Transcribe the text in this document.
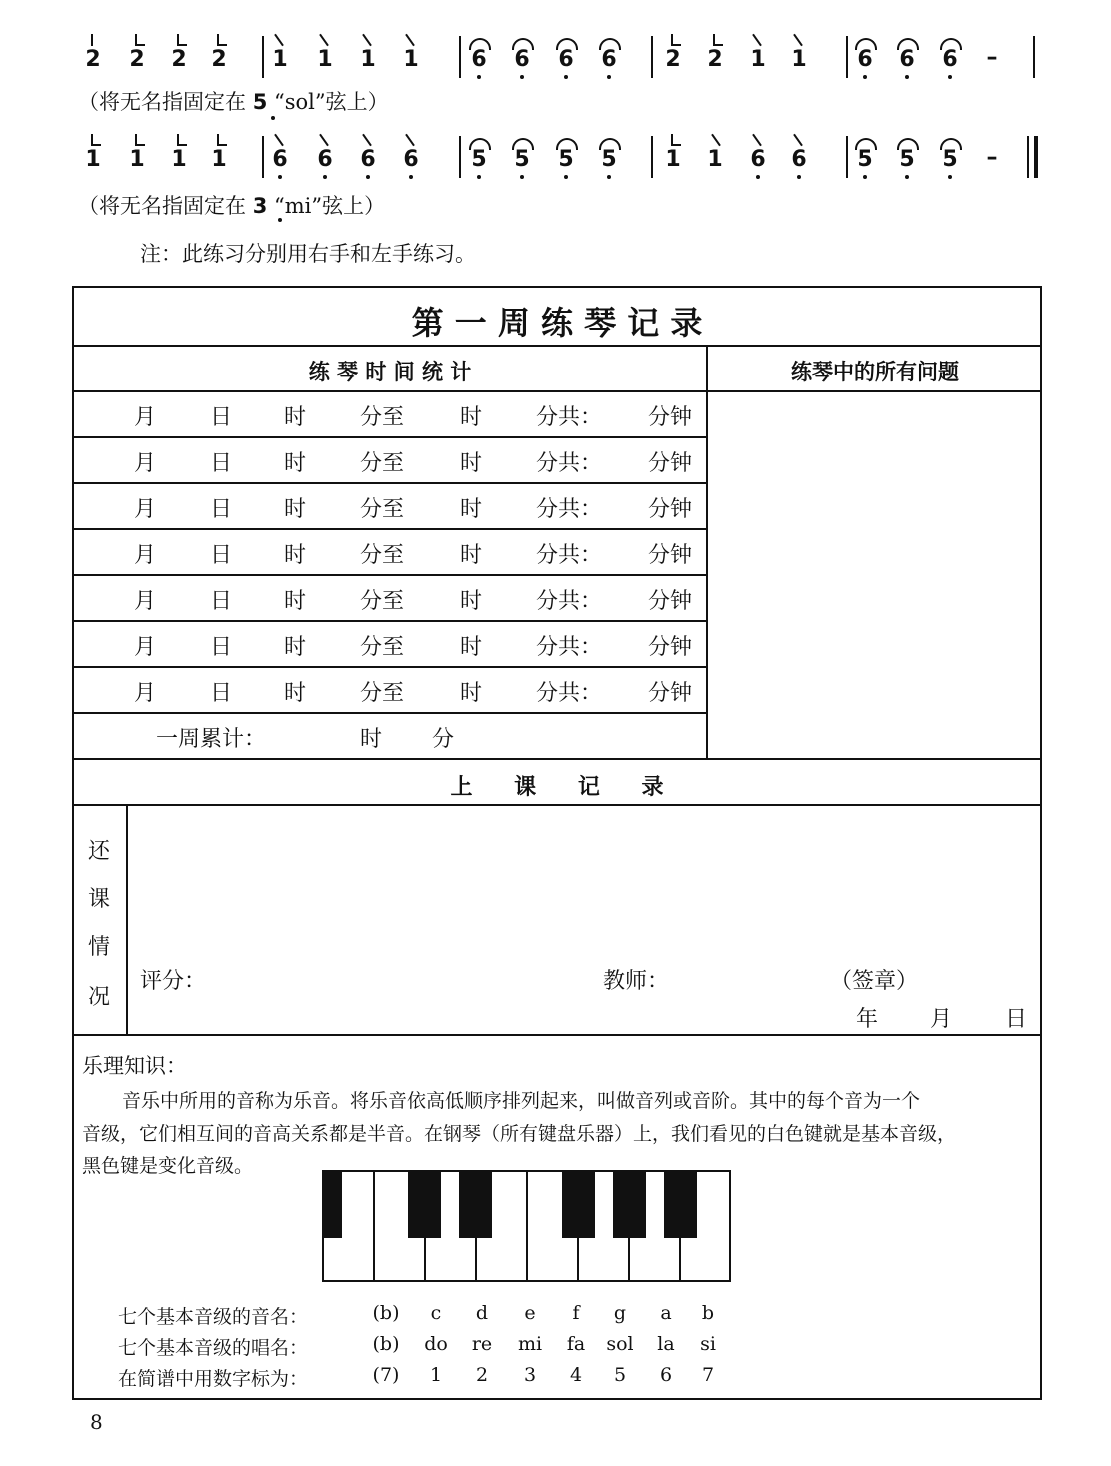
2 2 2 2 1 1 1 1 6 6 6 6 2 2 1 1 6 6 6 –
（将无名指固定在 5 “sol”弦上）
1 1 1 1 6 6 6 6 5 5 5 5 1 1 6 6 5 5 5 –
（将无名指固定在 3 “mi”弦上）
注：此练习分别用右手和左手练习。
第 一 周 练 琴 记 录
练 琴 时 间 统 计	练琴中的所有问题
月 日 时 分至	时 分共： 分钟
月 日 时 分至	时 分共： 分钟
月 日 时 分至	时 分共： 分钟
月 日 时 分至	时 分共： 分钟
月 日 时 分至	时 分共： 分钟
月 日 时 分至	时 分共： 分钟
月 日 时 分至	时 分共： 分钟
一周累计：	时 分
上 课 记 录
还
课
情
况
评分：	教师：	（签章）
年 月 日
乐理知识：
音乐中所用的音称为乐音。将乐音依高低顺序排列起来，叫做音列或音阶。其中的每个音为一个
音级，它们相互间的音高关系都是半音。在钢琴（所有键盘乐器）上，我们看见的白色键就是基本音级，
黑色键是变化音级。
七个基本音级的音名：	(b)	c	d	e	f	g	a	b
七个基本音级的唱名：	(b)	do	re	mi	fa	sol	la	si
在简谱中用数字标为：	(7)	1	2	3	4	5	6	7
8
